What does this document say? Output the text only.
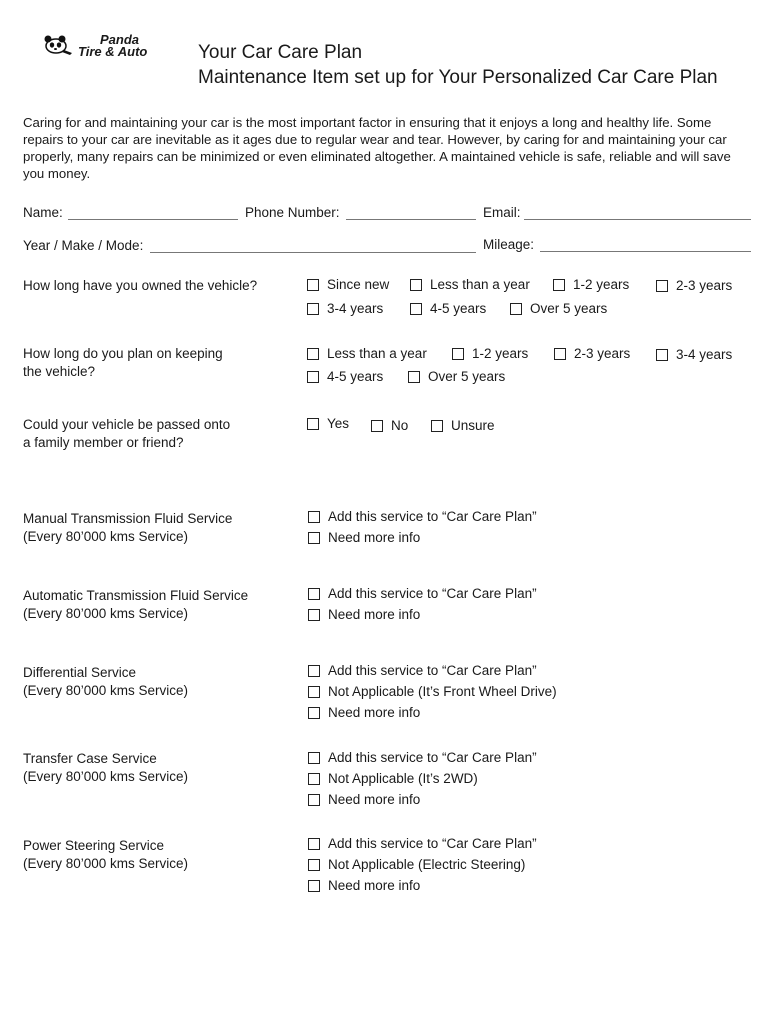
Panda
Tire & Auto	Your Car Care Plan
Maintenance Item set up for Your Personalized Car Care Plan
Caring for and maintaining your car is the most important factor in ensuring that it enjoys a long and healthy life. Some repairs to your car are inevitable as it ages due to regular wear and tear. However, by caring for and maintaining your car properly, many repairs can be minimized or even eliminated altogether. A maintained vehicle is safe, reliable and will save you money.
Name:	Phone Number:	Email:
Year / Make / Mode:	Mileage:
How long have you owned the vehicle?	Since new	Less than a year	1-2 years	2-3 years
3-4 years	4-5 years	Over 5 years
How long do you plan on keeping
the vehicle?
Less than a year	1-2 years	2-3 years	3-4 years
4-5 years	Over 5 years
Could your vehicle be passed onto
a family member or friend?
Yes	No	Unsure
Manual Transmission Fluid Service
(Every 80’000 kms Service)
Add this service to “Car Care Plan”
Need more info
Automatic Transmission Fluid Service
(Every 80’000 kms Service)
Add this service to “Car Care Plan”
Need more info
Differential Service
(Every 80’000 kms Service)
Add this service to “Car Care Plan”
Not Applicable (It’s Front Wheel Drive)
Need more info
Transfer Case Service
(Every 80’000 kms Service)
Add this service to “Car Care Plan”
Not Applicable (It’s 2WD)
Need more info
Power Steering Service
(Every 80’000 kms Service)
Add this service to “Car Care Plan”
Not Applicable (Electric Steering)
Need more info
